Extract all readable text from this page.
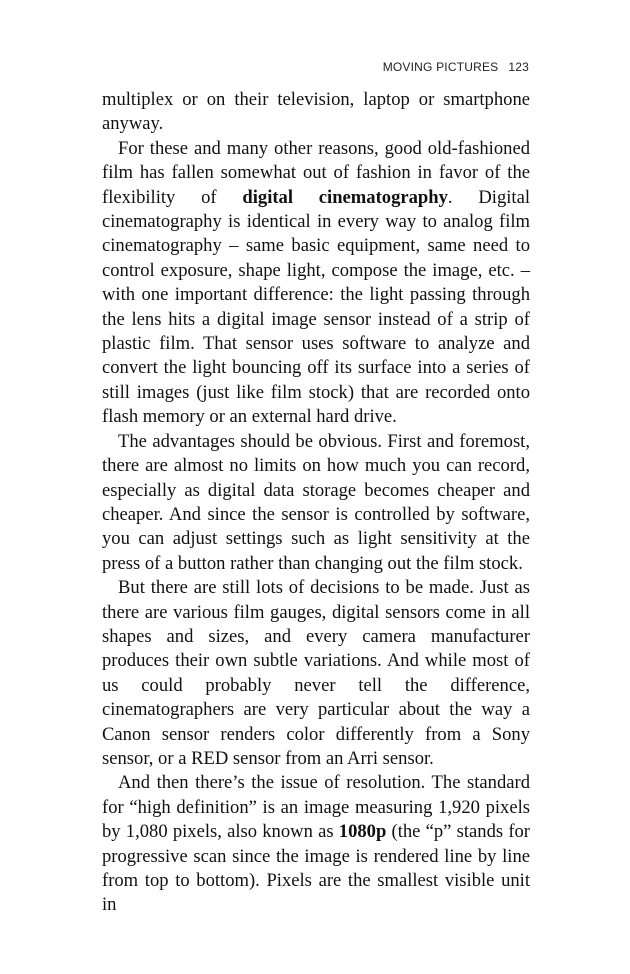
MOVING PICTURES 123

multiplex or on their television, laptop or smartphone anyway.

For these and many other reasons, good old-fashioned film has fallen somewhat out of fashion in favor of the flexibility of digital cinematography. Digital cinematography is identical in every way to analog film cinematography – same basic equipment, same need to control exposure, shape light, compose the image, etc. – with one important difference: the light passing through the lens hits a digital image sensor instead of a strip of plastic film. That sensor uses software to analyze and convert the light bouncing off its surface into a series of still images (just like film stock) that are recorded onto flash memory or an external hard drive.

The advantages should be obvious. First and foremost, there are almost no limits on how much you can record, especially as digital data storage becomes cheaper and cheaper. And since the sensor is controlled by software, you can adjust settings such as light sensitivity at the press of a button rather than changing out the film stock.

But there are still lots of decisions to be made. Just as there are various film gauges, digital sensors come in all shapes and sizes, and every camera manufacturer produces their own subtle variations. And while most of us could probably never tell the difference, cinematographers are very particular about the way a Canon sensor renders color differently from a Sony sensor, or a RED sensor from an Arri sensor.

And then there’s the issue of resolution. The standard for “high definition” is an image measuring 1,920 pixels by 1,080 pixels, also known as 1080p (the “p” stands for progressive scan since the image is rendered line by line from top to bottom). Pixels are the smallest visible unit in
